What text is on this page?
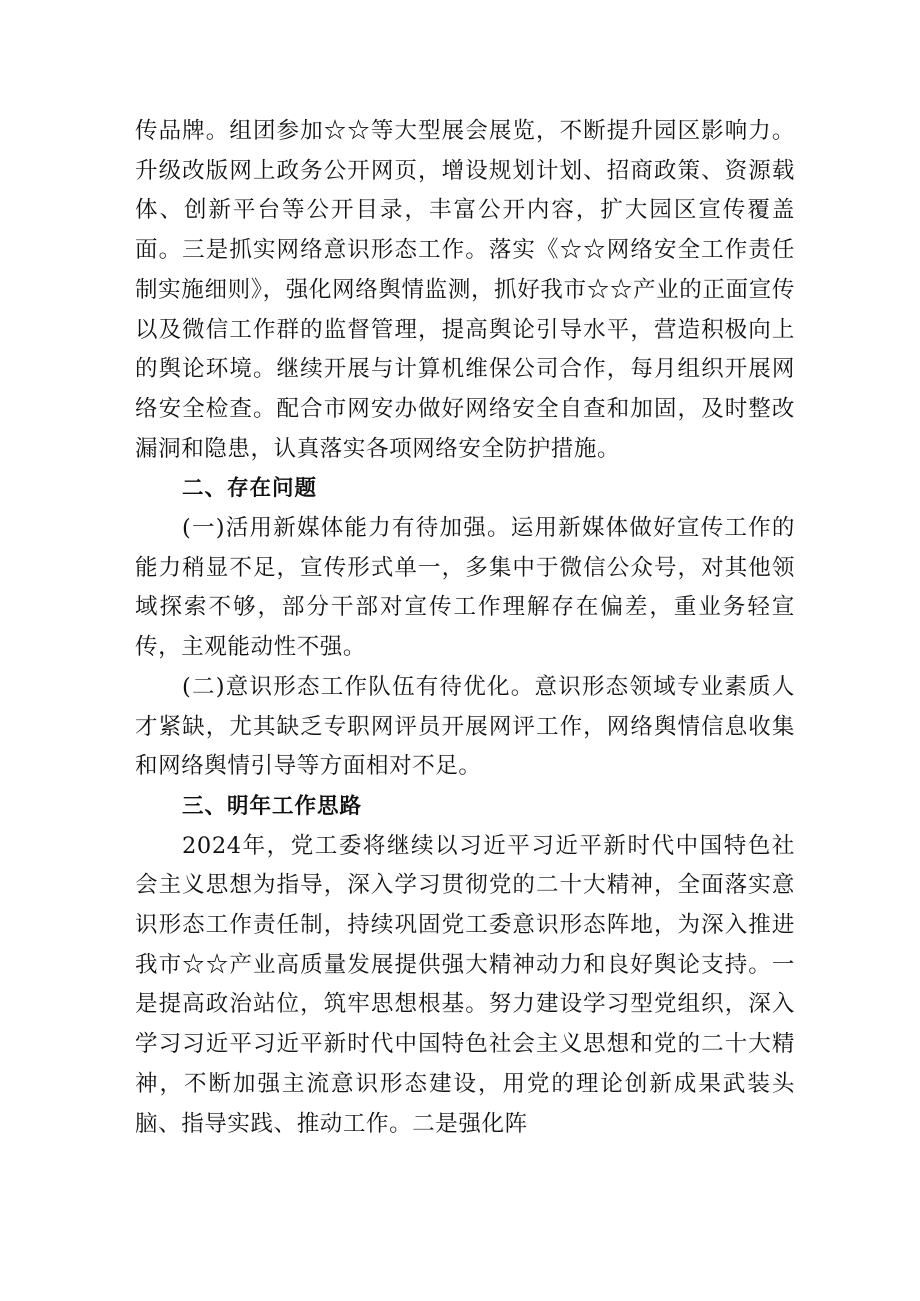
传品牌。组团参加☆☆等大型展会展览，不断提升园区影响力。升级改版网上政务公开网页，增设规划计划、招商政策、资源载体、创新平台等公开目录，丰富公开内容，扩大园区宣传覆盖面。三是抓实网络意识形态工作。落实《☆☆网络安全工作责任制实施细则》，强化网络舆情监测，抓好我市☆☆产业的正面宣传以及微信工作群的监督管理，提高舆论引导水平，营造积极向上的舆论环境。继续开展与计算机维保公司合作，每月组织开展网络安全检查。配合市网安办做好网络安全自查和加固，及时整改漏洞和隐患，认真落实各项网络安全防护措施。

二、存在问题

(一)活用新媒体能力有待加强。运用新媒体做好宣传工作的能力稍显不足，宣传形式单一，多集中于微信公众号，对其他领域探索不够，部分干部对宣传工作理解存在偏差，重业务轻宣传，主观能动性不强。

(二)意识形态工作队伍有待优化。意识形态领域专业素质人才紧缺，尤其缺乏专职网评员开展网评工作，网络舆情信息收集和网络舆情引导等方面相对不足。

三、明年工作思路

2024年，党工委将继续以习近平习近平新时代中国特色社会主义思想为指导，深入学习贯彻党的二十大精神，全面落实意识形态工作责任制，持续巩固党工委意识形态阵地，为深入推进我市☆☆产业高质量发展提供强大精神动力和良好舆论支持。一是提高政治站位，筑牢思想根基。努力建设学习型党组织，深入学习习近平习近平新时代中国特色社会主义思想和党的二十大精神，不断加强主流意识形态建设，用党的理论创新成果武装头脑、指导实践、推动工作。二是强化阵
